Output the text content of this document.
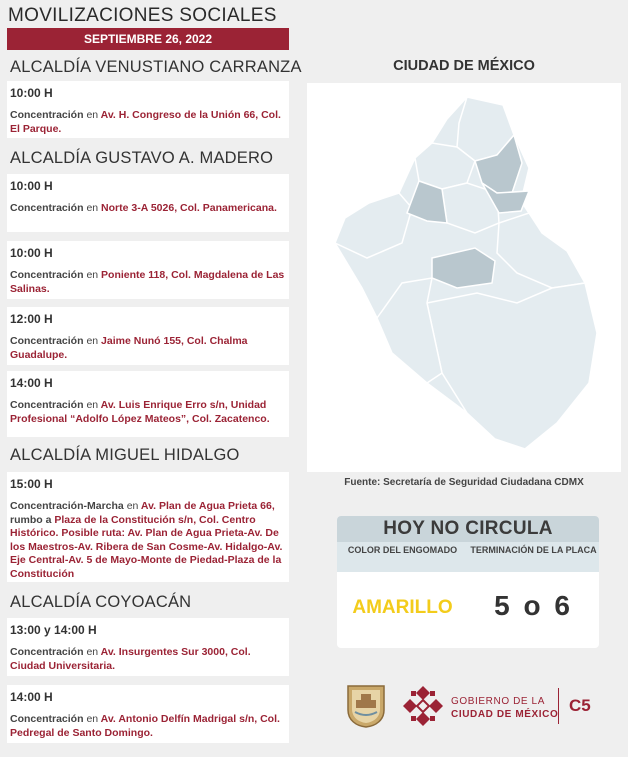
MOVILIZACIONES SOCIALES
SEPTIEMBRE 26, 2022
ALCALDÍA VENUSTIANO CARRANZA
10:00 H
Concentración en Av. H. Congreso de la Unión 66, Col. El Parque.
ALCALDÍA GUSTAVO A. MADERO
10:00 H
Concentración en Norte 3-A 5026, Col. Panamericana.
10:00 H
Concentración en Poniente 118, Col. Magdalena de Las Salinas.
12:00 H
Concentración en Jaime Nunó 155, Col. Chalma Guadalupe.
14:00 H
Concentración en Av. Luis Enrique Erro s/n, Unidad Profesional “Adolfo López Mateos”, Col. Zacatenco.
ALCALDÍA MIGUEL HIDALGO
15:00 H
Concentración-Marcha en Av. Plan de Agua Prieta 66, rumbo a Plaza de la Constitución s/n, Col. Centro Histórico. Posible ruta: Av. Plan de Agua Prieta-Av. De los Maestros-Av. Ribera de San Cosme-Av. Hidalgo-Av. Eje Central-Av. 5 de Mayo-Monte de Piedad-Plaza de la Constitución
ALCALDÍA COYOACÁN
13:00 y 14:00 H
Concentración en Av. Insurgentes Sur 3000, Col. Ciudad Universitaria.
14:00 H
Concentración en Av. Antonio Delfín Madrigal s/n, Col. Pedregal de Santo Domingo.
CIUDAD DE MÉXICO
Fuente: Secretaría de Seguridad Ciudadana CDMX
HOY NO CIRCULA
COLOR DEL ENGOMADO	TERMINACIÓN DE LA PLACA
AMARILLO	5 o 6
GOBIERNO DE LA
CIUDAD DE MÉXICO C5
